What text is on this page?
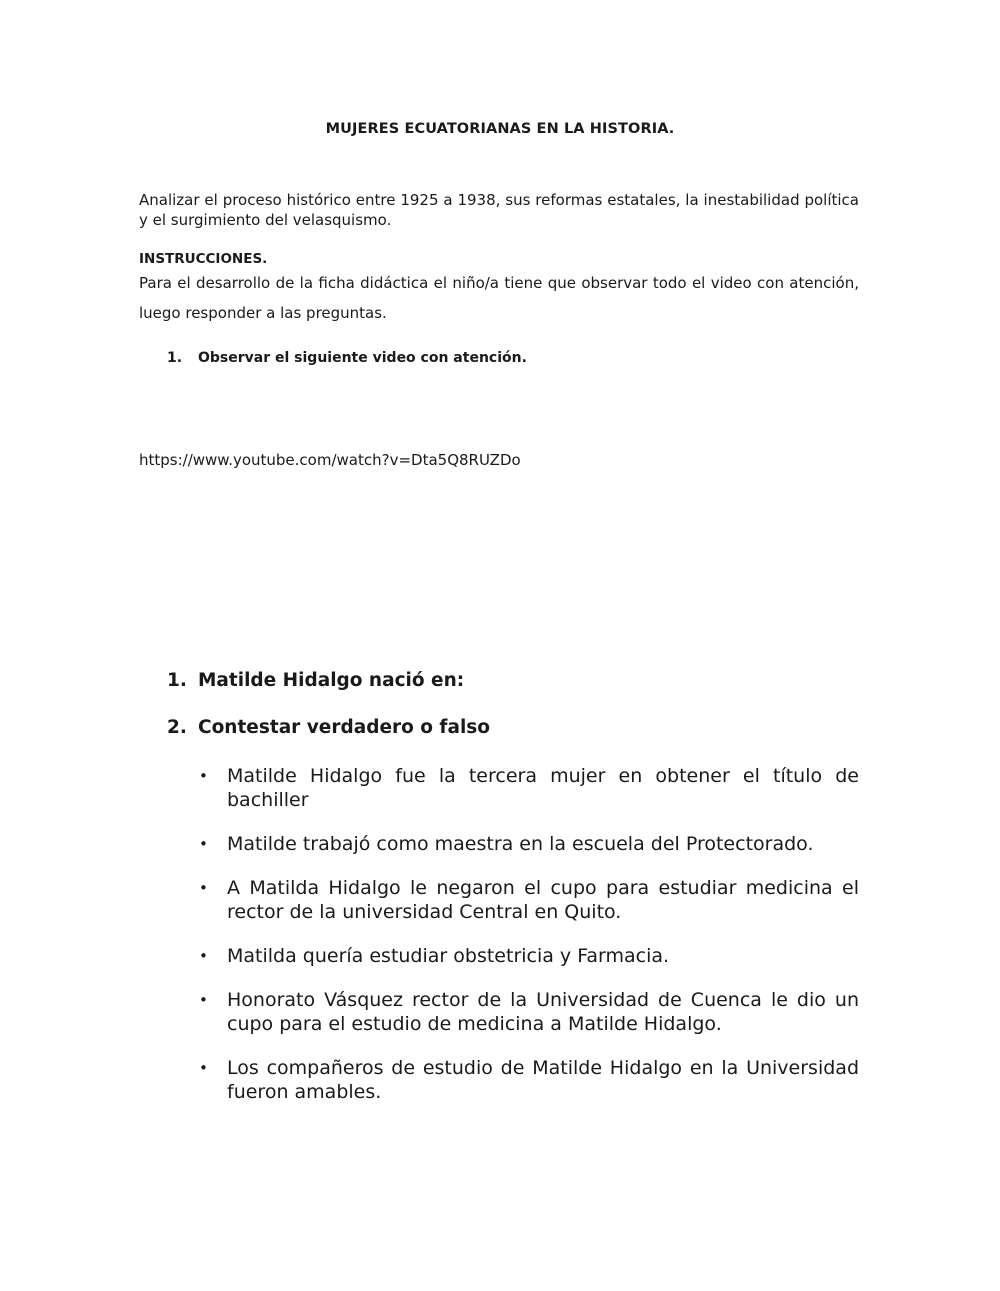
MUJERES ECUATORIANAS EN LA HISTORIA.
Analizar el proceso histórico entre 1925 a 1938, sus reformas estatales, la inestabilidad política y el surgimiento del velasquismo.
INSTRUCCIONES.
Para el desarrollo de la ficha didáctica el niño/a tiene que observar todo el video con atención, luego responder a las preguntas.
1. Observar el siguiente video con atención.
https://www.youtube.com/watch?v=Dta5Q8RUZDo
1. Matilde Hidalgo nació en:
2. Contestar verdadero o falso
• Matilde Hidalgo fue la tercera mujer en obtener el título de bachiller
• Matilde trabajó como maestra en la escuela del Protectorado.
• A Matilda Hidalgo le negaron el cupo para estudiar medicina el rector de la universidad Central en Quito.
• Matilda quería estudiar obstetricia y Farmacia.
• Honorato Vásquez rector de la Universidad de Cuenca le dio un cupo para el estudio de medicina a Matilde Hidalgo.
• Los compañeros de estudio de Matilde Hidalgo en la Universidad fueron amables.
